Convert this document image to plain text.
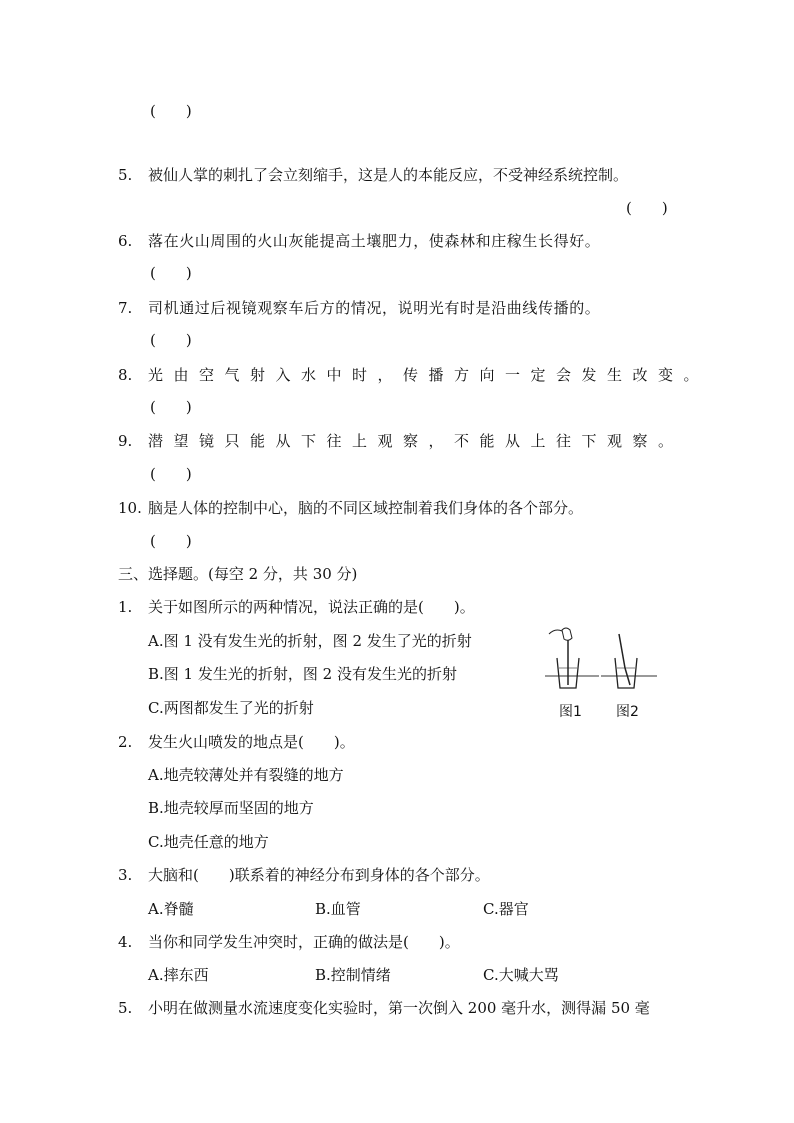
(　　)
5. 被仙人掌的刺扎了会立刻缩手，这是人的本能反应，不受神经系统控制。
(　　)
6. 落在火山周围的火山灰能提高土壤肥力，使森林和庄稼生长得好。
(　　)
7. 司机通过后视镜观察车后方的情况，说明光有时是沿曲线传播的。
(　　)
8. 光由空气射入水中时，传播方向一定会发生改变。
(　　)
9. 潜望镜只能从下往上观察，不能从上往下观察。
(　　)
10. 脑是人体的控制中心，脑的不同区域控制着我们身体的各个部分。
(　　)
三、选择题。(每空 2 分，共 30 分)
1. 关于如图所示的两种情况，说法正确的是(　　)。
A.图 1 没有发生光的折射，图 2 发生了光的折射
B.图 1 发生光的折射，图 2 没有发生光的折射
C.两图都发生了光的折射	图1 图2
2. 发生火山喷发的地点是(　　)。
A.地壳较薄处并有裂缝的地方
B.地壳较厚而坚固的地方
C.地壳任意的地方
3. 大脑和(　　)联系着的神经分布到身体的各个部分。
A.脊髓	B.血管	C.器官
4. 当你和同学发生冲突时，正确的做法是(　　)。
A.摔东西	B.控制情绪	C.大喊大骂
5. 小明在做测量水流速度变化实验时，第一次倒入 200 毫升水，测得漏 50 毫
